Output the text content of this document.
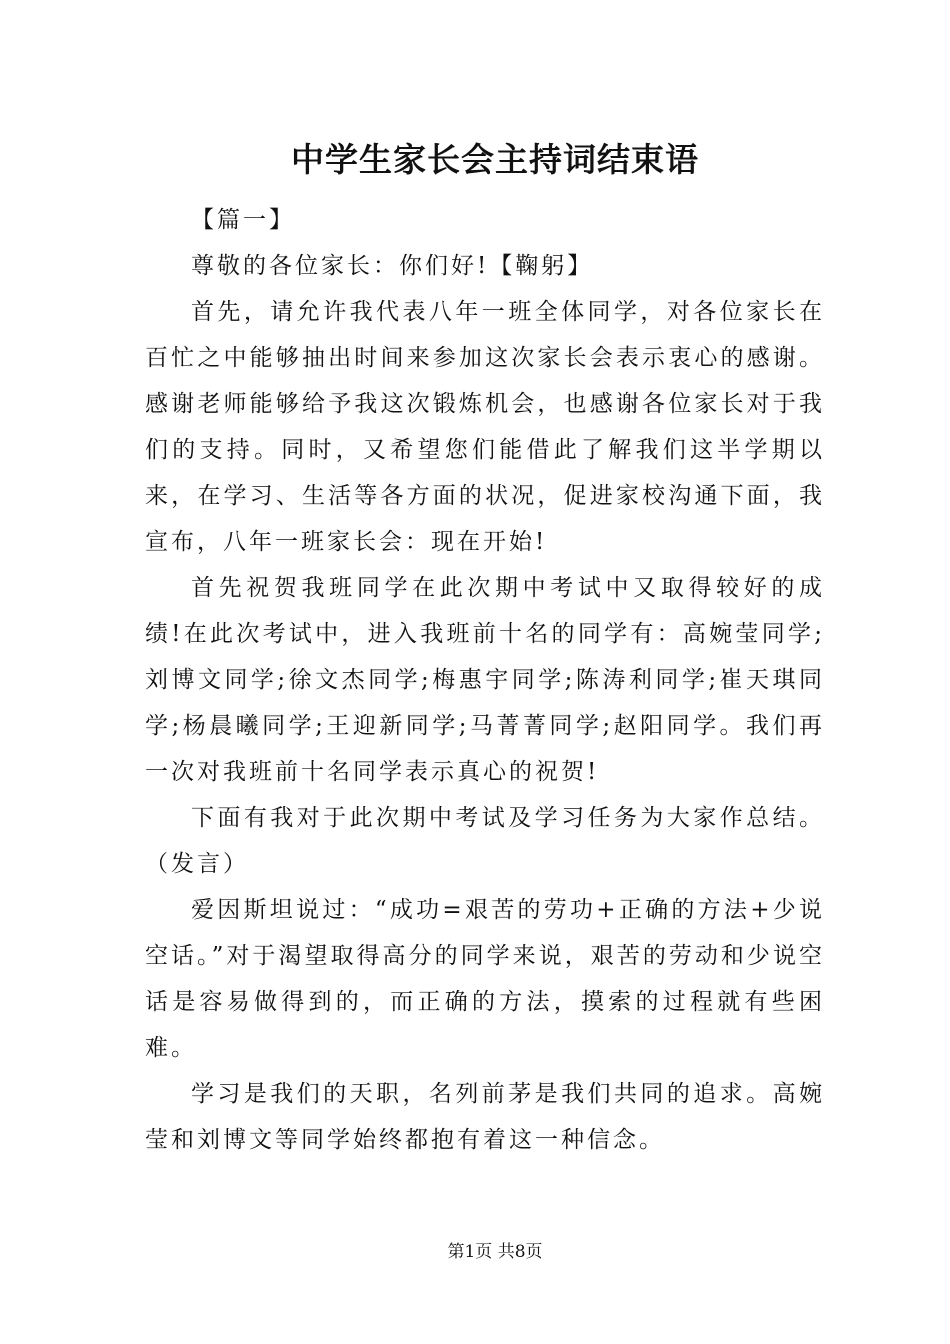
中学生家长会主持词结束语

【篇一】

尊敬的各位家长：你们好!【鞠躬】

首先，请允许我代表八年一班全体同学，对各位家长在百忙之中能够抽出时间来参加这次家长会表示衷心的感谢。感谢老师能够给予我这次锻炼机会，也感谢各位家长对于我们的支持。同时，又希望您们能借此了解我们这半学期以来，在学习、生活等各方面的状况，促进家校沟通下面，我宣布，八年一班家长会：现在开始!

首先祝贺我班同学在此次期中考试中又取得较好的成绩!在此次考试中，进入我班前十名的同学有：高婉莹同学;刘博文同学;徐文杰同学;梅惠宇同学;陈涛利同学;崔天琪同学;杨晨曦同学;王迎新同学;马菁菁同学;赵阳同学。我们再一次对我班前十名同学表示真心的祝贺!

下面有我对于此次期中考试及学习任务为大家作总结。（发言）

爱因斯坦说过：“成功=艰苦的劳功+正确的方法+少说空话。”对于渴望取得高分的同学来说，艰苦的劳动和少说空话是容易做得到的，而正确的方法，摸索的过程就有些困难。

学习是我们的天职，名列前茅是我们共同的追求。高婉莹和刘博文等同学始终都抱有着这一种信念。

第1页 共8页
